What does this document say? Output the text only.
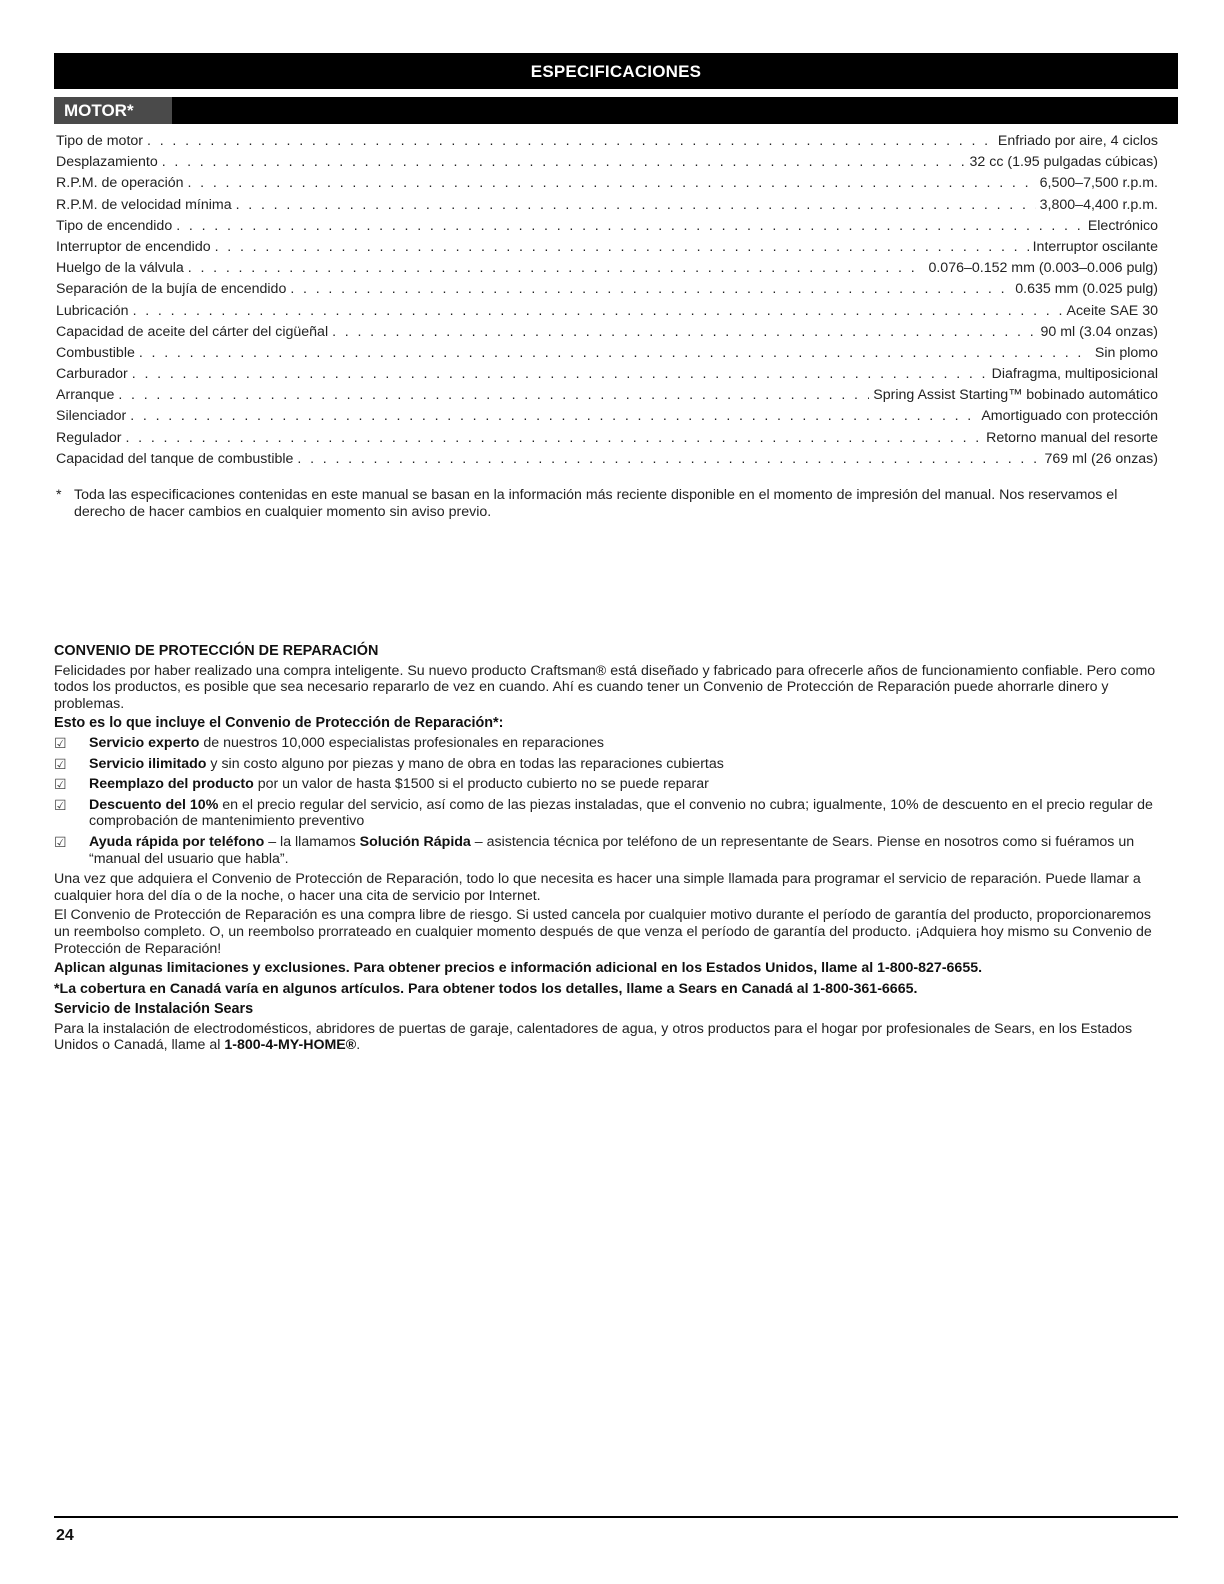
ESPECIFICACIONES
MOTOR*
Tipo de motor . . .	Enfriado por aire, 4 ciclos
Desplazamiento . . .	32 cc (1.95 pulgadas cúbicas)
R.P.M. de operación . . .	6,500–7,500 r.p.m.
R.P.M. de velocidad mínima . . .	3,800–4,400 r.p.m.
Tipo de encendido . . .	Electrónico
Interruptor de encendido . . .	Interruptor oscilante
Huelgo de la válvula . . .	0.076–0.152 mm (0.003–0.006 pulg)
Separación de la bujía de encendido . . .	0.635 mm (0.025 pulg)
Lubricación . . .	Aceite SAE 30
Capacidad de aceite del cárter del cigüeñal . . .	90 ml (3.04 onzas)
Combustible . . .	Sin plomo
Carburador . . .	Diafragma, multiposicional
Arranque . . .	Spring Assist Starting™ bobinado automático
Silenciador . . .	Amortiguado con protección
Regulador . . .	Retorno manual del resorte
Capacidad del tanque de combustible . . .	769 ml (26 onzas)
* Toda las especificaciones contenidas en este manual se basan en la información más reciente disponible en el momento de impresión del manual. Nos reservamos el derecho de hacer cambios en cualquier momento sin aviso previo.

CONVENIO DE PROTECCIÓN DE REPARACIÓN

Felicidades por haber realizado una compra inteligente. Su nuevo producto Craftsman® está diseñado y fabricado para ofrecerle años de funcionamiento confiable. Pero como todos los productos, es posible que sea necesario repararlo de vez en cuando. Ahí es cuando tener un Convenio de Protección de Reparación puede ahorrarle dinero y problemas.

Esto es lo que incluye el Convenio de Protección de Reparación*:

☑	Servicio experto de nuestros 10,000 especialistas profesionales en reparaciones
☑	Servicio ilimitado y sin costo alguno por piezas y mano de obra en todas las reparaciones cubiertas
☑	Reemplazo del producto por un valor de hasta $1500 si el producto cubierto no se puede reparar
☑	Descuento del 10% en el precio regular del servicio, así como de las piezas instaladas, que el convenio no cubra; igualmente, 10% de descuento en el precio regular de comprobación de mantenimiento preventivo
☑	Ayuda rápida por teléfono – la llamamos Solución Rápida – asistencia técnica por teléfono de un representante de Sears. Piense en nosotros como si fuéramos un “manual del usuario que habla”.

Una vez que adquiera el Convenio de Protección de Reparación, todo lo que necesita es hacer una simple llamada para programar el servicio de reparación. Puede llamar a cualquier hora del día o de la noche, o hacer una cita de servicio por Internet.

El Convenio de Protección de Reparación es una compra libre de riesgo. Si usted cancela por cualquier motivo durante el período de garantía del producto, proporcionaremos un reembolso completo. O, un reembolso prorrateado en cualquier momento después de que venza el período de garantía del producto. ¡Adquiera hoy mismo su Convenio de Protección de Reparación!

Aplican algunas limitaciones y exclusiones. Para obtener precios e información adicional en los Estados Unidos, llame al 1-800-827-6655.

*La cobertura en Canadá varía en algunos artículos. Para obtener todos los detalles, llame a Sears en Canadá al 1-800-361-6665.

Servicio de Instalación Sears

Para la instalación de electrodomésticos, abridores de puertas de garaje, calentadores de agua, y otros productos para el hogar por profesionales de Sears, en los Estados Unidos o Canadá, llame al 1-800-4-MY-HOME®.

24
